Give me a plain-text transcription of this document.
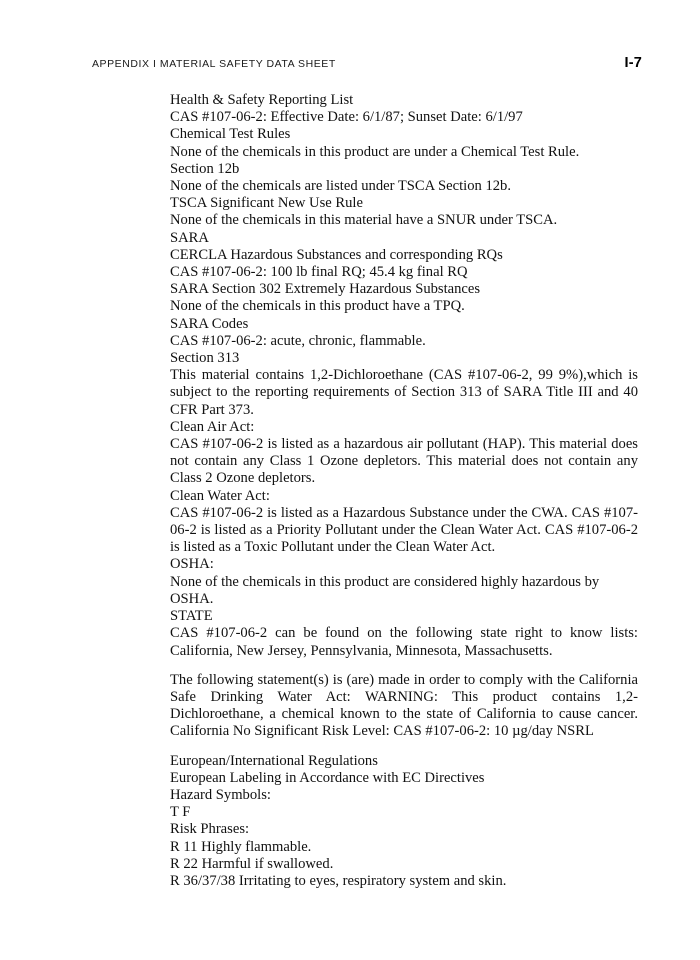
APPENDIX I MATERIAL SAFETY DATA SHEET	I-7

Health & Safety Reporting List

CAS #107-06-2: Effective Date: 6/1/87; Sunset Date: 6/1/97

Chemical Test Rules

None of the chemicals in this product are under a Chemical Test Rule.

Section 12b

None of the chemicals are listed under TSCA Section 12b.

TSCA Significant New Use Rule

None of the chemicals in this material have a SNUR under TSCA.

SARA

CERCLA Hazardous Substances and corresponding RQs

CAS #107-06-2: 100 lb final RQ; 45.4 kg final RQ

SARA Section 302 Extremely Hazardous Substances

None of the chemicals in this product have a TPQ.

SARA Codes

CAS #107-06-2: acute, chronic, flammable.

Section 313

This material contains 1,2-Dichloroethane (CAS #107-06-2, 99 9%),which is subject to the reporting requirements of Section 313 of SARA Title III and 40 CFR Part 373.

Clean Air Act:

CAS #107-06-2 is listed as a hazardous air pollutant (HAP). This material does not contain any Class 1 Ozone depletors. This material does not contain any Class 2 Ozone depletors.

Clean Water Act:

CAS #107-06-2 is listed as a Hazardous Substance under the CWA. CAS #107-06-2 is listed as a Priority Pollutant under the Clean Water Act. CAS #107-06-2 is listed as a Toxic Pollutant under the Clean Water Act.

OSHA:

None of the chemicals in this product are considered highly hazardous by OSHA.

STATE

CAS #107-06-2 can be found on the following state right to know lists: California, New Jersey, Pennsylvania, Minnesota, Massachusetts.

The following statement(s) is (are) made in order to comply with the California Safe Drinking Water Act: WARNING: This product contains 1,2-Dichloroethane, a chemical known to the state of California to cause cancer. California No Significant Risk Level: CAS #107-06-2: 10 µg/day NSRL

European/International Regulations

European Labeling in Accordance with EC Directives

Hazard Symbols:

T F

Risk Phrases:

R 11 Highly flammable.

R 22 Harmful if swallowed.

R 36/37/38 Irritating to eyes, respiratory system and skin.
